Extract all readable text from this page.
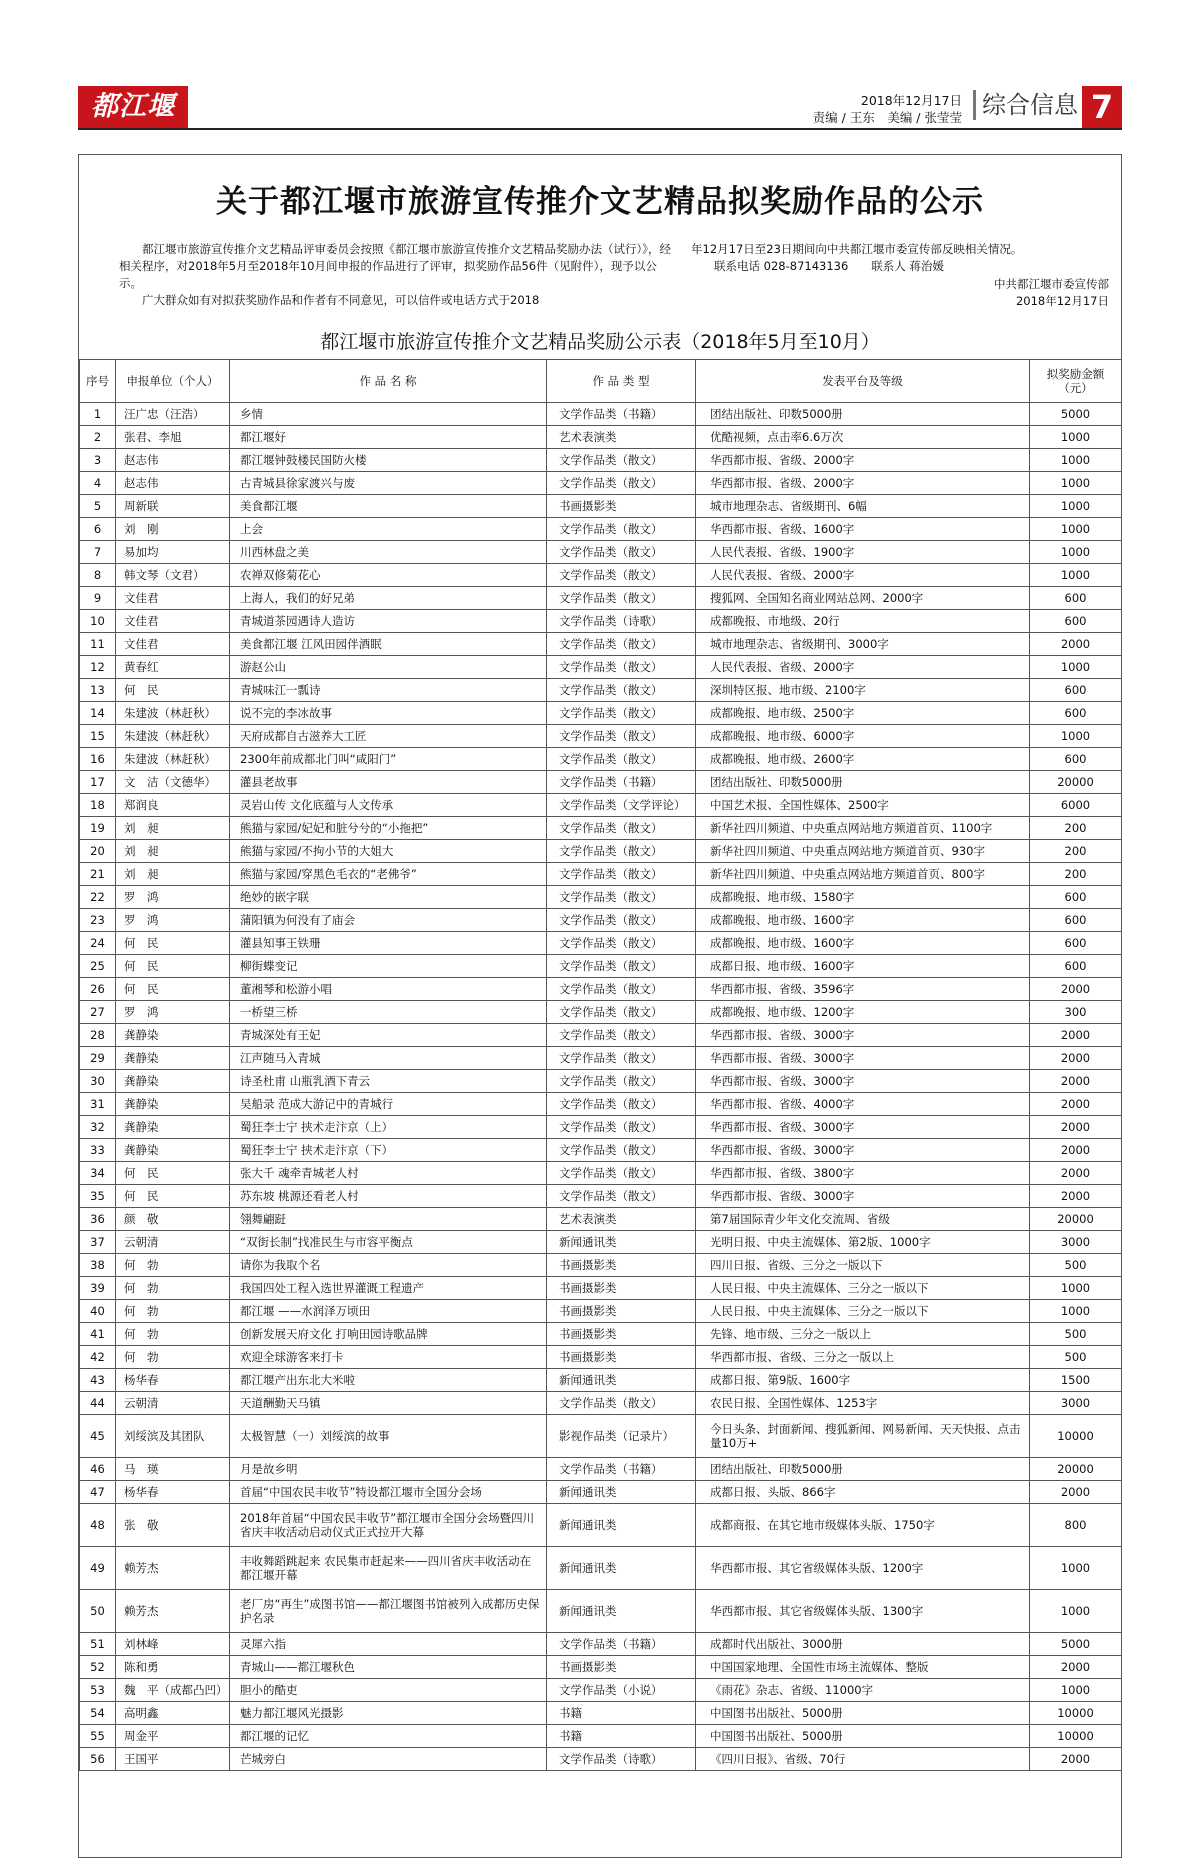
都江堰报
2018年12月17日
责编 / 王东　美编 / 张莹莹 综合信息 7
关于都江堰市旅游宣传推介文艺精品拟奖励作品的公示

都江堰市旅游宣传推介文艺精品评审委员会按照《都江堰市旅游宣传推介文艺精品奖励办法（试行）》，经相关程序，对2018年5月至2018年10月间申报的作品进行了评审，拟奖励作品56件（见附件），现予以公示。

广大群众如有对拟获奖励作品和作者有不同意见，可以信件或电话方式于2018

年12月17日至23日期间向中共都江堰市委宣传部反映相关情况。

联系电话 028-87143136　　联系人 蒋治媛

中共都江堰市委宣传部
2018年12月17日
都江堰市旅游宣传推介文艺精品奖励公示表（2018年5月至10月）
序号	申报单位（个人）	作 品 名 称	作 品 类 型	发表平台及等级	拟奖励金额（元）
1	汪广忠（汪浩）	乡情	文学作品类（书籍）	团结出版社、印数5000册	5000
2	张君、李旭	都江堰好	艺术表演类	优酷视频，点击率6.6万次	1000
3	赵志伟	都江堰钟鼓楼民国防火楼	文学作品类（散文）	华西都市报、省级、2000字	1000
4	赵志伟	古青城县徐家渡兴与废	文学作品类（散文）	华西都市报、省级、2000字	1000
5	周新联	美食都江堰	书画摄影类	城市地理杂志、省级期刊、6幅	1000
6	刘　刚	上会	文学作品类（散文）	华西都市报、省级、1600字	1000
7	易加均	川西林盘之美	文学作品类（散文）	人民代表报、省级、1900字	1000
8	韩文琴（文君）	农禅双修菊花心	文学作品类（散文）	人民代表报、省级、2000字	1000
9	文佳君	上海人，我们的好兄弟	文学作品类（散文）	搜狐网、全国知名商业网站总网、2000字	600
10	文佳君	青城道茶园遇诗人造访	文学作品类（诗歌）	成都晚报、市地级、20行	600
11	文佳君	美食都江堰 江风田园伴酒眠	文学作品类（散文）	城市地理杂志、省级期刊、3000字	2000
12	黄春红	游赵公山	文学作品类（散文）	人民代表报、省级、2000字	1000
13	何　民	青城味江一瓢诗	文学作品类（散文）	深圳特区报、地市级、2100字	600
14	朱建波（林赶秋）	说不完的李冰故事	文学作品类（散文）	成都晚报、地市级、2500字	600
15	朱建波（林赶秋）	天府成都自古滋养大工匠	文学作品类（散文）	成都晚报、地市级、6000字	1000
16	朱建波（林赶秋）	2300年前成都北门叫“咸阳门”	文学作品类（散文）	成都晚报、地市级、2600字	600
17	文　洁（文德华）	灌县老故事	文学作品类（书籍）	团结出版社、印数5000册	20000
18	郑润良	灵岩山传 文化底蕴与人文传承	文学作品类（文学评论）	中国艺术报、全国性媒体、2500字	6000
19	刘　昶	熊猫与家园/妃妃和脏兮兮的“小拖把”	文学作品类（散文）	新华社四川频道、中央重点网站地方频道首页、1100字	200
20	刘　昶	熊猫与家园/不拘小节的大姐大	文学作品类（散文）	新华社四川频道、中央重点网站地方频道首页、930字	200
21	刘　昶	熊猫与家园/穿黑色毛衣的“老佛爷”	文学作品类（散文）	新华社四川频道、中央重点网站地方频道首页、800字	200
22	罗　鸿	绝妙的嵌字联	文学作品类（散文）	成都晚报、地市级、1580字	600
23	罗　鸿	蒲阳镇为何没有了庙会	文学作品类（散文）	成都晚报、地市级、1600字	600
24	何　民	灌县知事王铁珊	文学作品类（散文）	成都晚报、地市级、1600字	600
25	何　民	柳街蝶变记	文学作品类（散文）	成都日报、地市级、1600字	600
26	何　民	董湘琴和松游小唱	文学作品类（散文）	华西都市报、省级、3596字	2000
27	罗　鸿	一桥望三桥	文学作品类（散文）	成都晚报、地市级、1200字	300
28	龚静染	青城深处有王妃	文学作品类（散文）	华西都市报、省级、3000字	2000
29	龚静染	江声随马入青城	文学作品类（散文）	华西都市报、省级、3000字	2000
30	龚静染	诗圣杜甫 山瓶乳酒下青云	文学作品类（散文）	华西都市报、省级、3000字	2000
31	龚静染	吴船录 范成大游记中的青城行	文学作品类（散文）	华西都市报、省级、4000字	2000
32	龚静染	蜀狂李士宁 挟术走汴京（上）	文学作品类（散文）	华西都市报、省级、3000字	2000
33	龚静染	蜀狂李士宁 挟术走汴京（下）	文学作品类（散文）	华西都市报、省级、3000字	2000
34	何　民	张大千 魂牵青城老人村	文学作品类（散文）	华西都市报、省级、3800字	2000
35	何　民	苏东坡 桃源还看老人村	文学作品类（散文）	华西都市报、省级、3000字	2000
36	颜　敬	翎舞翩跹	艺术表演类	第7届国际青少年文化交流周、省级	20000
37	云朝清	“双街长制”找准民生与市容平衡点	新闻通讯类	光明日报、中央主流媒体、第2版、1000字	3000
38	何　勃	请你为我取个名	书画摄影类	四川日报、省级、三分之一版以下	500
39	何　勃	我国四处工程入选世界灌溉工程遗产	书画摄影类	人民日报、中央主流媒体、三分之一版以下	1000
40	何　勃	都江堰 ——水润泽万顷田	书画摄影类	人民日报、中央主流媒体、三分之一版以下	1000
41	何　勃	创新发展天府文化 打响田园诗歌品牌	书画摄影类	先锋、地市级、三分之一版以上	500
42	何　勃	欢迎全球游客来打卡	书画摄影类	华西都市报、省级、三分之一版以上	500
43	杨华春	都江堰产出东北大米啦	新闻通讯类	成都日报、第9版、1600字	1500
44	云朝清	天道酬勤天马镇	文学作品类（散文）	农民日报、全国性媒体、1253字	3000
45	刘绥滨及其团队	太极智慧（一）刘绥滨的故事	影视作品类（记录片）	今日头条、封面新闻、搜狐新闻、网易新闻、天天快报、点击量10万+	10000
46	马　瑛	月是故乡明	文学作品类（书籍）	团结出版社、印数5000册	20000
47	杨华春	首届“中国农民丰收节”特设都江堰市全国分会场	新闻通讯类	成都日报、头版、866字	2000
48	张　敬	2018年首届“中国农民丰收节”都江堰市全国分会场暨四川省庆丰收活动启动仪式正式拉开大幕	新闻通讯类	成都商报、在其它地市级媒体头版、1750字	800
49	赖芳杰	丰收舞蹈跳起来 农民集市赶起来——四川省庆丰收活动在都江堰开幕	新闻通讯类	华西都市报、其它省级媒体头版、1200字	1000
50	赖芳杰	老厂房“再生”成图书馆——都江堰图书馆被列入成都历史保护名录	新闻通讯类	华西都市报、其它省级媒体头版、1300字	1000
51	刘林峰	灵犀六指	文学作品类（书籍）	成都时代出版社、3000册	5000
52	陈和勇	青城山——都江堰秋色	书画摄影类	中国国家地理、全国性市场主流媒体、整版	2000
53	魏　平（成都凸凹）	胆小的酷吏	文学作品类（小说）	《雨花》杂志、省级、11000字	1000
54	高明鑫	魅力都江堰风光摄影	书籍	中国图书出版社、5000册	10000
55	周金平	都江堰的记忆	书籍	中国图书出版社、5000册	10000
56	王国平	芒城旁白	文学作品类（诗歌）	《四川日报》、省级、70行	2000
